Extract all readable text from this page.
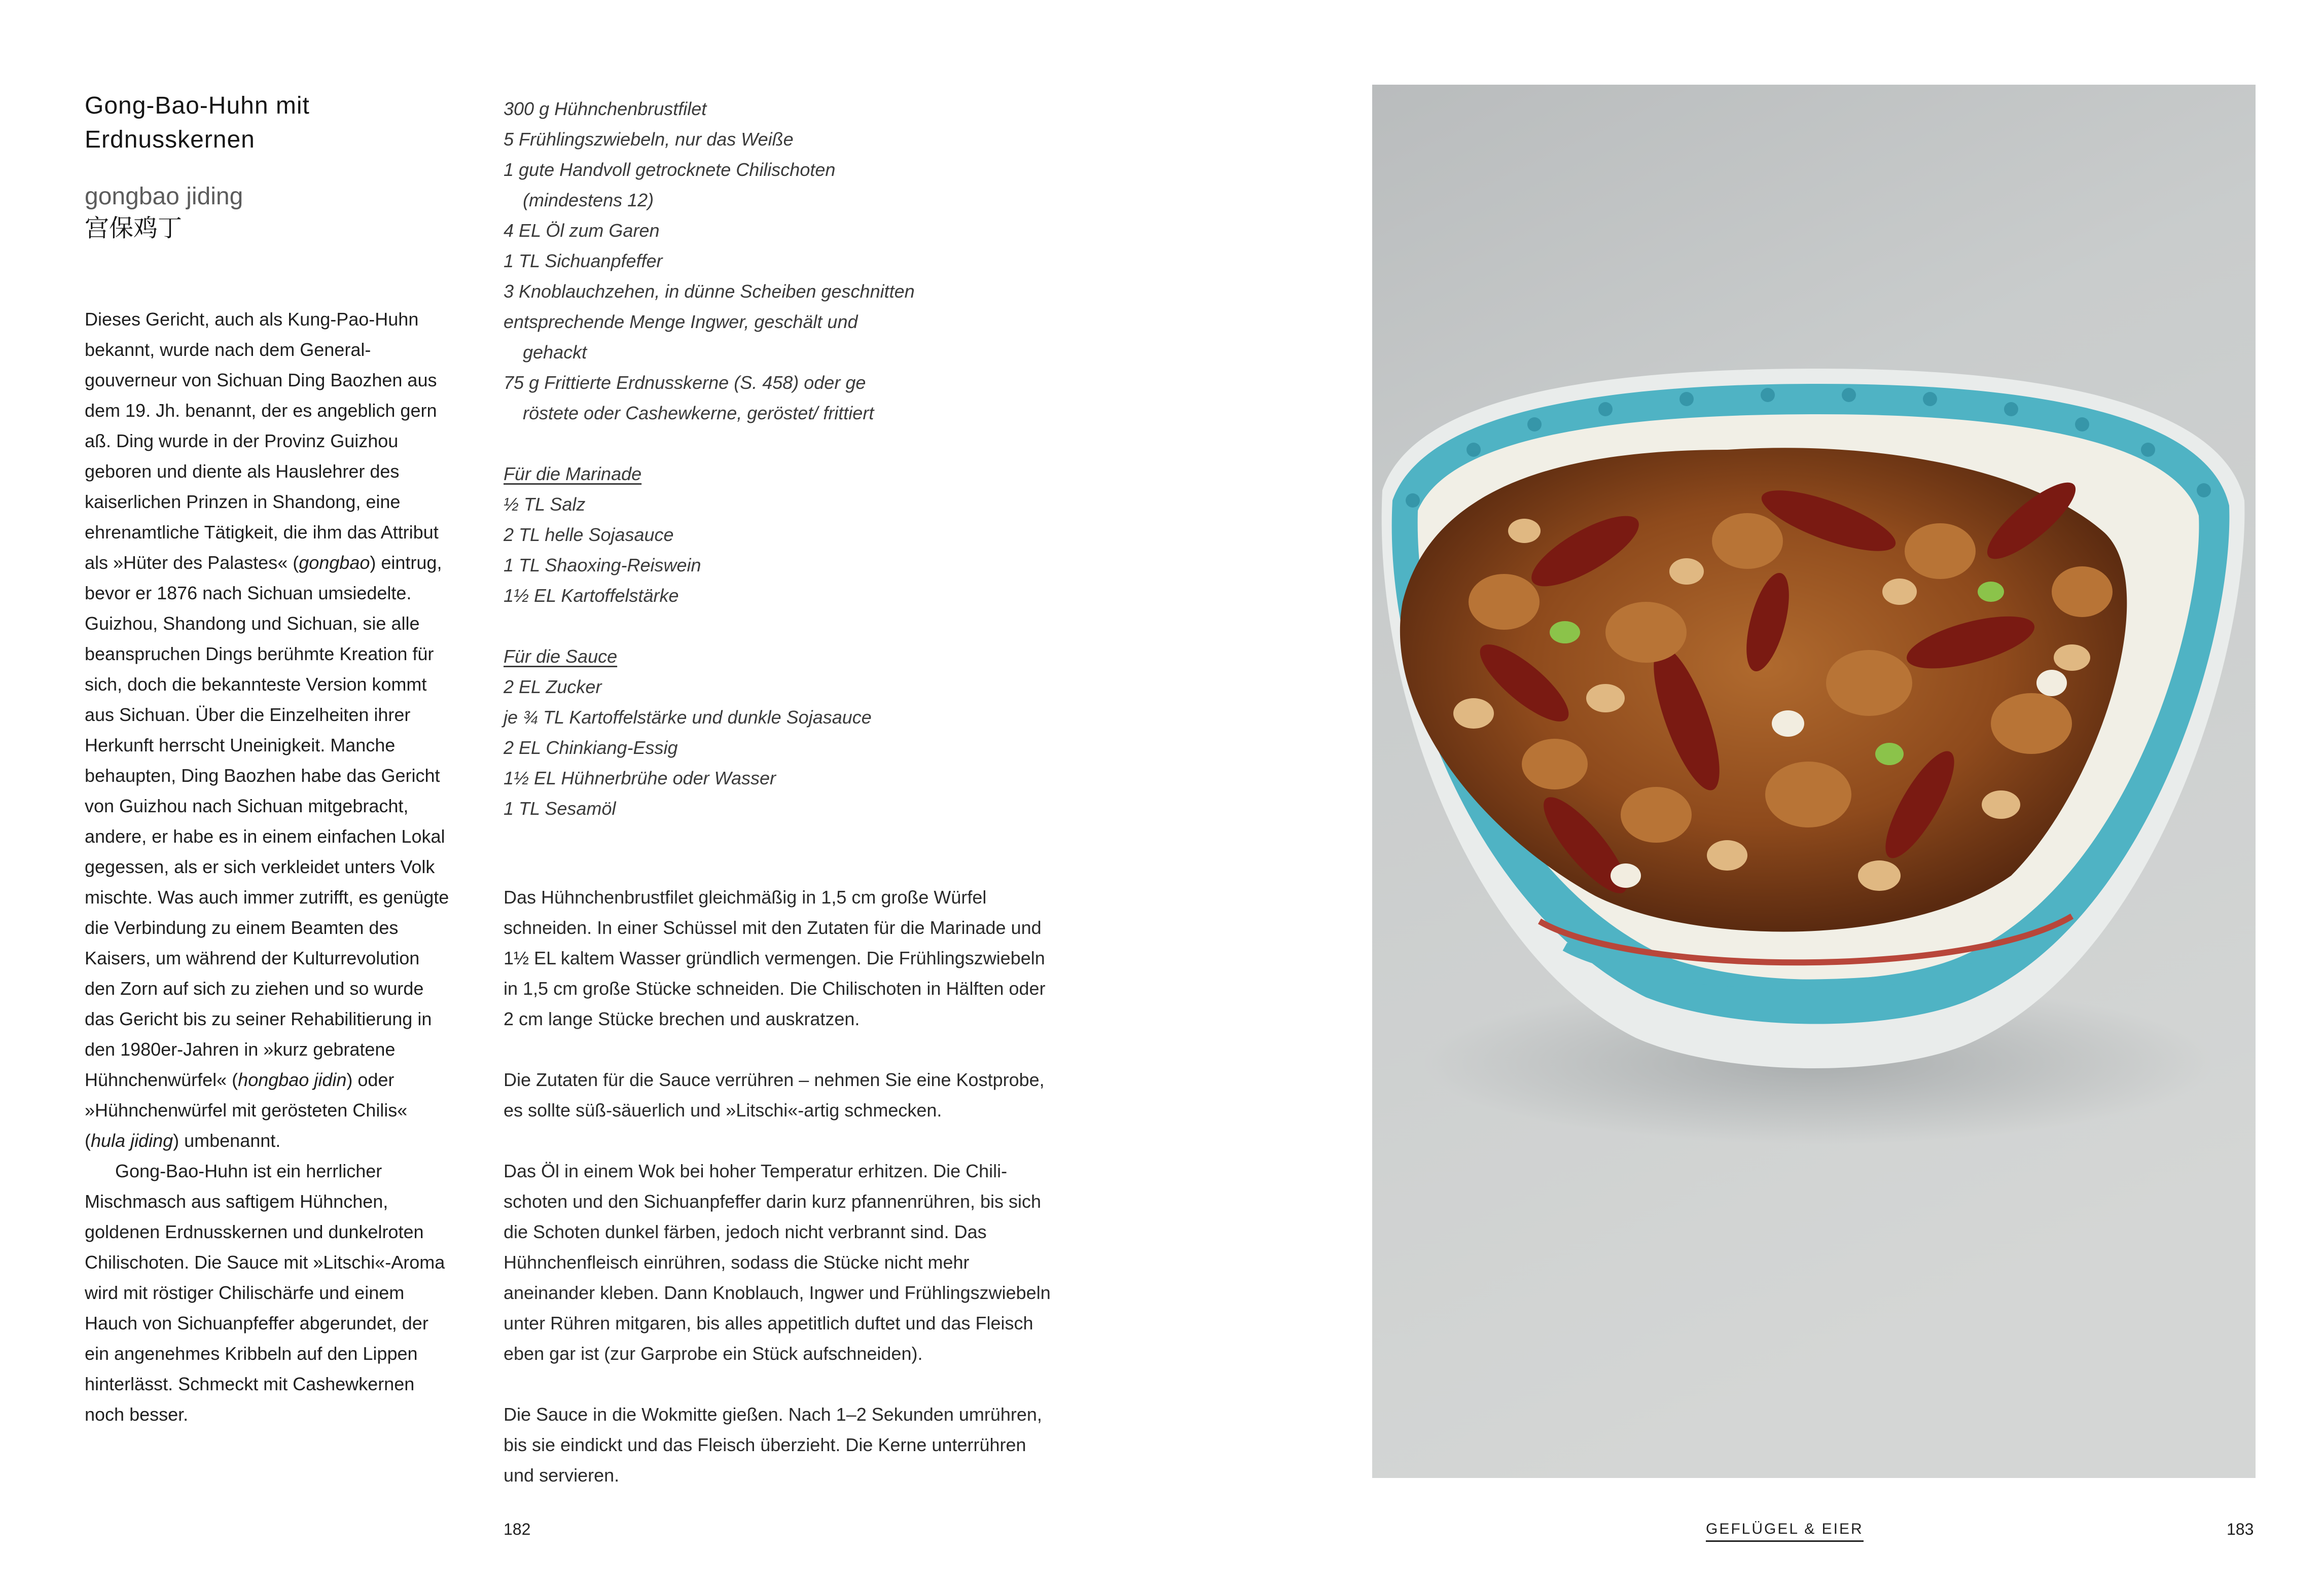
Gong-Bao-Huhn mit
Erdnusskernen
gongbao jiding
宫保鸡丁

Dieses Gericht, auch als Kung-Pao-Huhn bekannt, wurde nach dem Generalgouverneur von Sichuan Ding Baozhen aus dem 19. Jh. benannt, der es angeblich gern aß. Ding wurde in der Provinz Guizhou geboren und diente als Hauslehrer des kaiserlichen Prinzen in Shandong, eine ehrenamtliche Tätigkeit, die ihm das Attribut als »Hüter des Palastes« (gongbao) eintrug, bevor er 1876 nach Sichuan umsiedelte. Guizhou, Shandong und Sichuan, sie alle beanspruchen Dings berühmte Kreation für sich, doch die bekannteste Version kommt aus Sichuan. Über die Einzelheiten ihrer Herkunft herrscht Uneinigkeit. Manche behaupten, Ding Baozhen habe das Gericht von Guizhou nach Sichuan mitgebracht, andere, er habe es in einem einfachen Lokal gegessen, als er sich verkleidet unters Volk mischte. Was auch immer zutrifft, es genügte die Verbindung zu einem Beamten des Kaisers, um während der Kulturrevolution den Zorn auf sich zu ziehen und so wurde das Gericht bis zu seiner Rehabilitierung in den 1980er-Jahren in »kurz gebratene Hühnchenwürfel« (hongbao jidin) oder »Hühnchenwürfel mit gerösteten Chilis« (hula jiding) umbenannt.

Gong-Bao-Huhn ist ein herrlicher Mischmasch aus saftigem Hühnchen, goldenen Erdnusskernen und dunkelroten Chilischoten. Die Sauce mit »Litschi«-Aroma wird mit röstiger Chilischärfe und einem Hauch von Sichuanpfeffer abgerundet, der ein angenehmes Kribbeln auf den Lippen hinterlässt. Schmeckt mit Cashewkernen noch besser.

300 g Hühnchenbrustfilet
5 Frühlingszwiebeln, nur das Weiße
1 gute Handvoll getrocknete Chilischoten
(mindestens 12)
4 EL Öl zum Garen
1 TL Sichuanpfeffer
3 Knoblauchzehen, in dünne Scheiben geschnitten
entsprechende Menge Ingwer, geschält und
gehackt
75 g Frittierte Erdnusskerne (S. 458) oder ge
röstete oder Cashewkerne, geröstet/ frittiert
Für die Marinade
½ TL Salz
2 TL helle Sojasauce
1 TL Shaoxing-Reiswein
1½ EL Kartoffelstärke
Für die Sauce
2 EL Zucker
je ¾ TL Kartoffelstärke und dunkle Sojasauce
2 EL Chinkiang-Essig
1½ EL Hühnerbrühe oder Wasser
1 TL Sesamöl

Das Hühnchenbrustfilet gleichmäßig in 1,5 cm große Würfel schneiden. In einer Schüssel mit den Zutaten für die Marinade und 1½ EL kaltem Wasser gründlich vermengen. Die Frühlingszwiebeln in 1,5 cm große Stücke schneiden. Die Chilischoten in Hälften oder 2 cm lange Stücke brechen und auskratzen.

Die Zutaten für die Sauce verrühren – nehmen Sie eine Kostprobe, es sollte süß-säuerlich und »Litschi«-artig schmecken.

Das Öl in einem Wok bei hoher Temperatur erhitzen. Die Chilischoten und den Sichuanpfeffer darin kurz pfannenrühren, bis sich die Schoten dunkel färben, jedoch nicht verbrannt sind. Das Hühnchenfleisch einrühren, sodass die Stücke nicht mehr aneinander kleben. Dann Knoblauch, Ingwer und Frühlingszwiebeln unter Rühren mitgaren, bis alles appetitlich duftet und das Fleisch eben gar ist (zur Garprobe ein Stück aufschneiden).

Die Sauce in die Wokmitte gießen. Nach 1–2 Sekunden umrühren, bis sie eindickt und das Fleisch überzieht. Die Kerne unterrühren und servieren.

182	GEFLÜGEL & EIER	183
